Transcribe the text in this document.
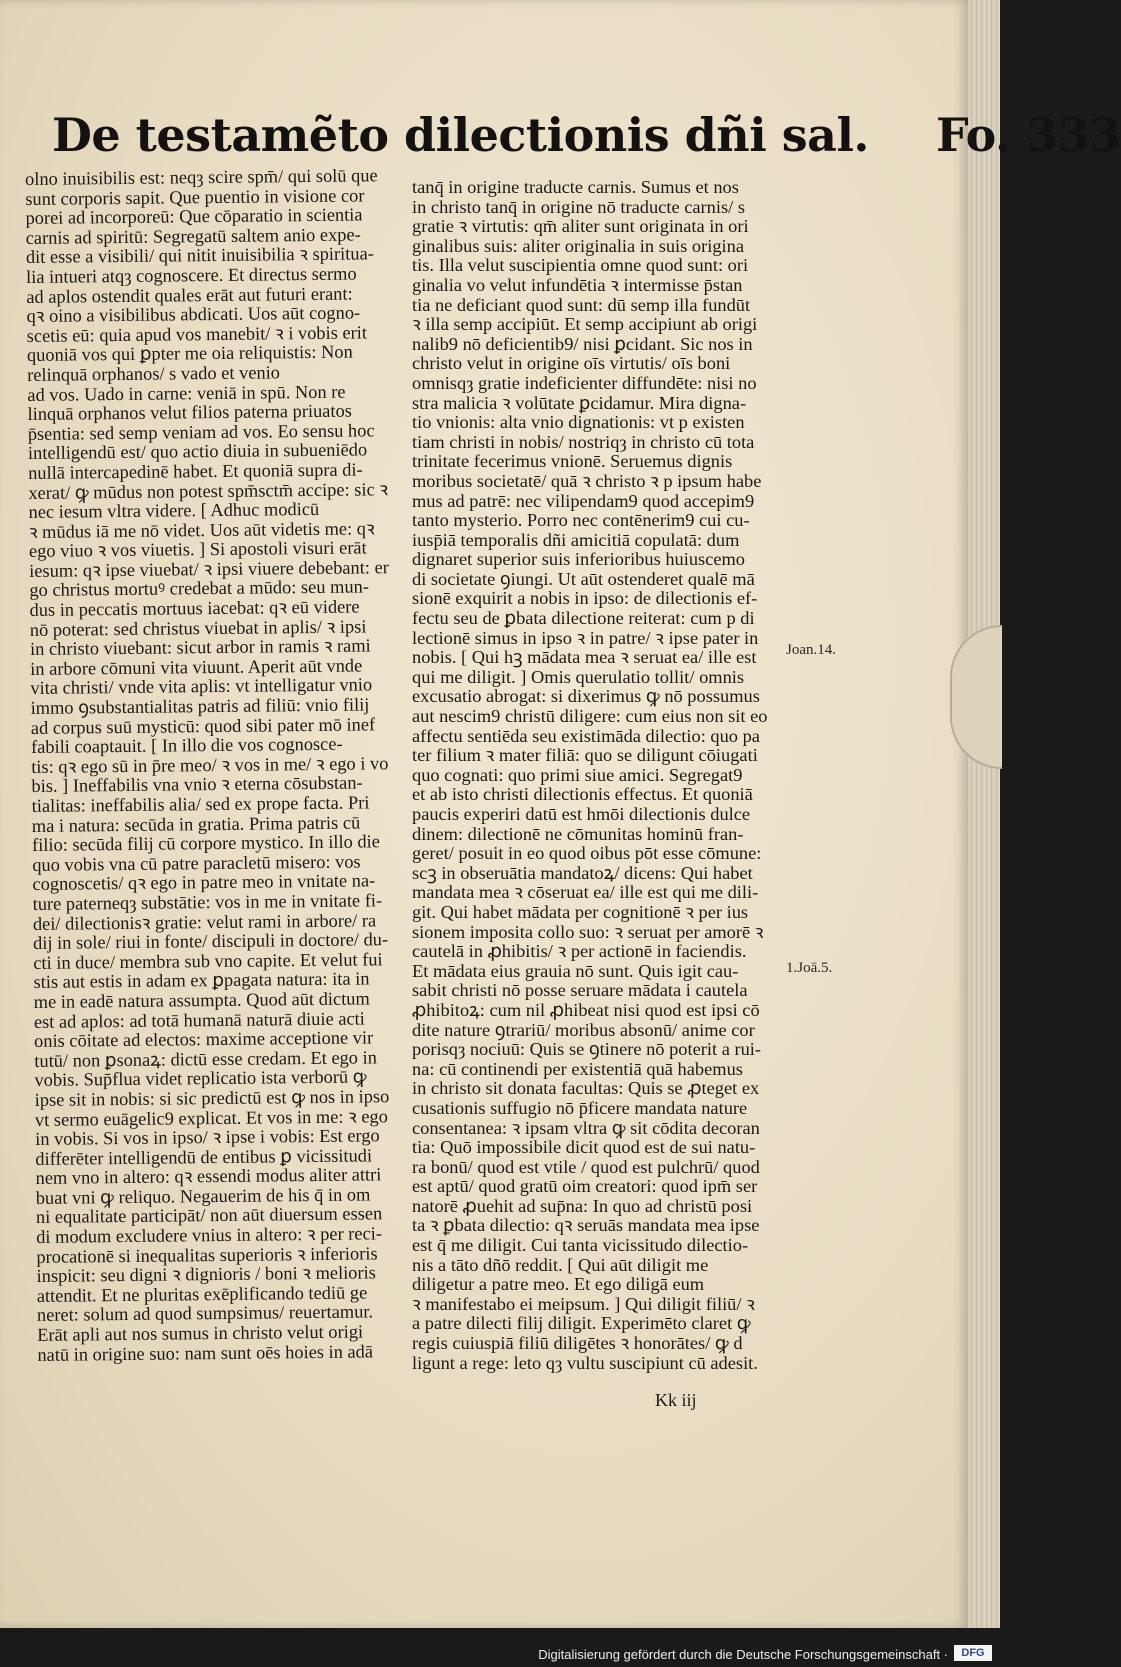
De testamẽto dilectionis dñi sal. Fo. 333
olno inuisibilis est: neqȝ scire spm̄/ qui solū que
sunt corporis sapit. Que puentio in visione cor
porei ad incorporeū: Que cōparatio in scientia
carnis ad spiritū: Segregatū saltem anio expe-
dit esse a visibili/ qui nitit inuisibilia ꝛ spiritua-
lia intueri atqȝ cognoscere. Et directus sermo
ad aplos ostendit quales erāt aut futuri erant:
qꝛ oino a visibilibus abdicati. Uos aūt cogno-
scetis eū: quia apud vos manebit/ ꝛ i vobis erit
quoniā vos qui ꝑpter me oia reliquistis: Non
relinquā orphanos/ s vado et venio
ad vos. Uado in carne: veniā in spū. Non re
linquā orphanos velut filios paterna priuatos
p̄sentia: sed semp veniam ad vos. Eo sensu hoc
intelligendū est/ quo actio diuia in subueniēdo
nullā intercapedinē habet. Et quoniā supra di-
xerat/ ꝙ mūdus non potest spm̄sctm̄ accipe: sic ꝛ
nec iesum vltra videre. [ Adhuc modicū
ꝛ mūdus iā me nō videt. Uos aūt videtis me: qꝛ
ego viuo ꝛ vos viuetis. ] Si apostoli visuri erāt
iesum: qꝛ ipse viuebat/ ꝛ ipsi viuere debebant: er
go christus mortuꝰ credebat a mūdo: seu mun-
dus in peccatis mortuus iacebat: qꝛ eū videre
nō poterat: sed christus viuebat in aplis/ ꝛ ipsi
in christo viuebant: sicut arbor in ramis ꝛ rami
in arbore cōmuni vita viuunt. Aperit aūt vnde
vita christi/ vnde vita aplis: vt intelligatur vnio
immo ꝯsubstantialitas patris ad filiū: vnio filij
ad corpus suū mysticū: quod sibi pater mō inef
fabili coaptauit. [ In illo die vos cognosce-
tis: qꝛ ego sū in p̄re meo/ ꝛ vos in me/ ꝛ ego i vo
bis. ] Ineffabilis vna vnio ꝛ eterna cōsubstan-
tialitas: ineffabilis alia/ sed ex prope facta. Pri
ma i natura: secūda in gratia. Prima patris cū
filio: secūda filij cū corpore mystico. In illo die
quo vobis vna cū patre paracletū misero: vos
cognoscetis/ qꝛ ego in patre meo in vnitate na-
ture paterneqȝ substātie: vos in me in vnitate fi-
dei/ dilectionisꝛ gratie: velut rami in arbore/ ra
dij in sole/ riui in fonte/ discipuli in doctore/ du-
cti in duce/ membra sub vno capite. Et velut fui
stis aut estis in adam ex ꝑpagata natura: ita in
me in eadē natura assumpta. Quod aūt dictum
est ad aplos: ad totā humanā naturā diuie acti
onis cōitate ad electos: maxime acceptione vir
tutū/ non ꝑsonaꝝ: dictū esse credam. Et ego in
vobis. Sup̄flua videt replicatio ista verborū ꝙ
ipse sit in nobis: si sic predictū est ꝙ nos in ipso
vt sermo euāgelic9 explicat. Et vos in me: ꝛ ego
in vobis. Si vos in ipso/ ꝛ ipse i vobis: Est ergo
differēter intelligendū de entibus ꝑ vicissitudi
nem vno in altero: qꝛ essendi modus aliter attri
buat vni ꝙ reliquo. Negauerim de his q̄ in om
ni equalitate participāt/ non aūt diuersum essen
di modum excludere vnius in altero: ꝛ per reci-
procationē si inequalitas superioris ꝛ inferioris
inspicit: seu digni ꝛ dignioris / boni ꝛ melioris
attendit. Et ne pluritas exēplificando tediū ge
neret: solum ad quod sumpsimus/ reuertamur.
Erāt apli aut nos sumus in christo velut origi
natū in origine suo: nam sunt oēs hoies in adā
tanq̄ in origine traducte carnis. Sumus et nos
in christo tanq̄ in origine nō traducte carnis/ s
gratie ꝛ virtutis: qm̄ aliter sunt originata in ori
ginalibus suis: aliter originalia in suis origina
tis. Illa velut suscipientia omne quod sunt: ori
ginalia vo velut infundētia ꝛ intermisse p̄stan
tia ne deficiant quod sunt: dū semp illa fundūt
ꝛ illa semp accipiūt. Et semp accipiunt ab origi
nalib9 nō deficientib9/ nisi ꝑcidant. Sic nos in
christo velut in origine oīs virtutis/ oīs boni
omnisqȝ gratie indeficienter diffundēte: nisi no
stra malicia ꝛ volūtate ꝑcidamur. Mira digna-
tio vnionis: alta vnio dignationis: vt p existen
tiam christi in nobis/ nostriqȝ in christo cū tota
trinitate fecerimus vnionē. Seruemus dignis
moribus societatē/ quā ꝛ christo ꝛ p ipsum habe
mus ad patrē: nec vilipendam9 quod accepim9
tanto mysterio. Porro nec contēnerim9 cui cu-
iusp̄iā temporalis dñi amicitiā copulatā: dum
dignaret superior suis inferioribus huiuscemo
di societate ꝯiungi. Ut aūt ostenderet qualē mā
sionē exquirit a nobis in ipso: de dilectionis ef-
fectu seu de ꝑbata dilectione reiterat: cum p di
lectionē simus in ipso ꝛ in patre/ ꝛ ipse pater in
nobis. [ Qui hꝫ mādata mea ꝛ seruat ea/ ille est
qui me diligit. ] Omis querulatio tollit/ omnis
excusatio abrogat: si dixerimus ꝙ nō possumus
aut nescim9 christū diligere: cum eius non sit eo
affectu sentiēda seu existimāda dilectio: quo pa
ter filium ꝛ mater filiā: quo se diligunt cōiugati
quo cognati: quo primi siue amici. Segregat9
et ab isto christi dilectionis effectus. Et quoniā
paucis experiri datū est hmōi dilectionis dulce
dinem: dilectionē ne cōmunitas hominū fran-
geret/ posuit in eo quod oibus pōt esse cōmune:
scꝫ in obseruātia mandatoꝝ/ dicens: Qui habet
mandata mea ꝛ cōseruat ea/ ille est qui me dili-
git. Qui habet mādata per cognitionē ꝛ per ius
sionem imposita collo suo: ꝛ seruat per amorē ꝛ
cautelā in ꝓhibitis/ ꝛ per actionē in faciendis.
Et mādata eius grauia nō sunt. Quis igit cau-
sabit christi nō posse seruare mādata i cautela
ꝓhibitoꝝ: cum nil ꝓhibeat nisi quod est ipsi cō
dite nature ꝯtrariū/ moribus absonū/ anime cor
porisqȝ nociuū: Quis se ꝯtinere nō poterit a rui-
na: cū continendi per existentiā quā habemus
in christo sit donata facultas: Quis se ꝓteget ex
cusationis suffugio nō p̄ficere mandata nature
consentanea: ꝛ ipsam vltra ꝙ sit cōdita decoran
tia: Quō impossibile dicit quod est de sui natu-
ra bonū/ quod est vtile / quod est pulchrū/ quod
est aptū/ quod gratū oim creatori: quod ipm̄ ser
natorē ꝓuehit ad sup̄na: In quo ad christū posi
ta ꝛ ꝑbata dilectio: qꝛ seruās mandata mea ipse
est q̄ me diligit. Cui tanta vicissitudo dilectio-
nis a tāto dñō reddit. [ Qui aūt diligit me
diligetur a patre meo. Et ego diligā eum
ꝛ manifestabo ei meipsum. ] Qui diligit filiū/ ꝛ
a patre dilecti filij diligit. Experimēto claret ꝙ
regis cuiuspiā filiū diligētes ꝛ honorātes/ ꝙ d
ligunt a rege: leto qȝ vultu suscipiunt cū adesit.
Joan.14.
1.Joā.5.
Kk iij
Digitalisierung gefördert durch die Deutsche Forschungsgemeinschaft ·	DFG
